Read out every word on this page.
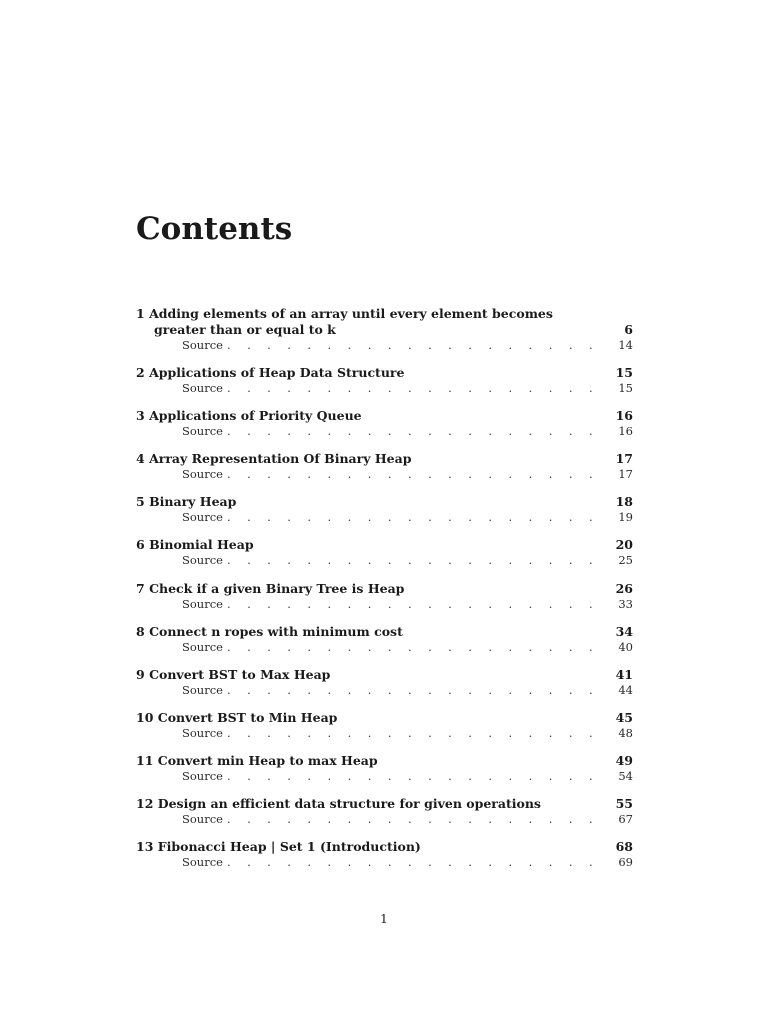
Contents
1 Adding elements of an array until every element becomes greater than or equal to k	6
Source . . .	14
2 Applications of Heap Data Structure	15
Source . . .	15
3 Applications of Priority Queue	16
Source . . .	16
4 Array Representation Of Binary Heap	17
Source . . .	17
5 Binary Heap	18
Source . . .	19
6 Binomial Heap	20
Source . . .	25
7 Check if a given Binary Tree is Heap	26
Source . . .	33
8 Connect n ropes with minimum cost	34
Source . . .	40
9 Convert BST to Max Heap	41
Source . . .	44
10 Convert BST to Min Heap	45
Source . . .	48
11 Convert min Heap to max Heap	49
Source . . .	54
12 Design an efficient data structure for given operations	55
Source . . .	67
13 Fibonacci Heap | Set 1 (Introduction)	68
Source . . .	69

1
